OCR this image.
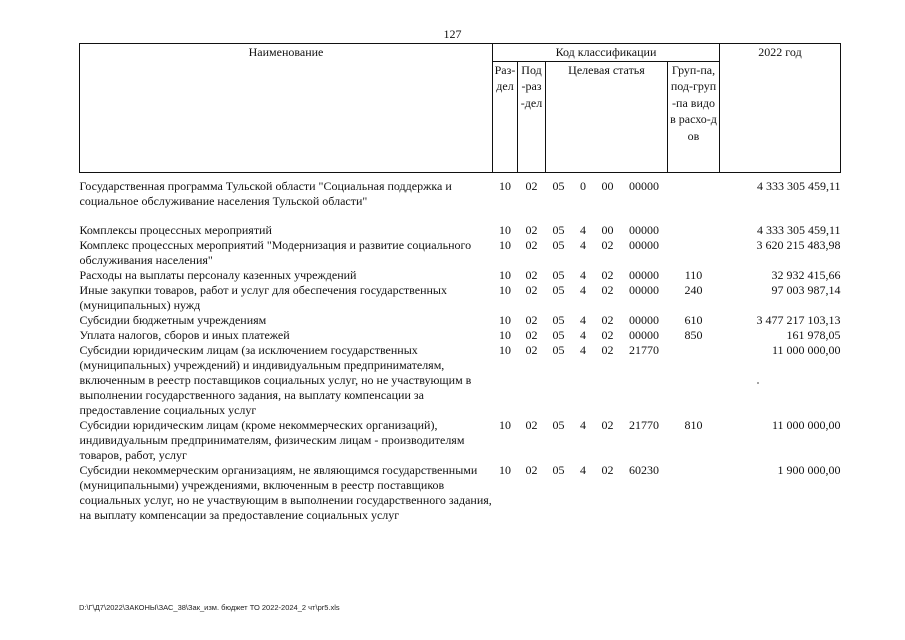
127
Наименование	Код классификации							2022 год

	Раз-дел	Под-раз-дел	Целевая статья				Груп-па, под-груп-па видов расхо-дов	

Государственная программа Тульской области "Социальная поддержка и социальное обслуживание населения Тульской области"	10	02	05	0	00	00000		4 333 305 459,11

Комплексы процессных мероприятий	10	02	05	4	00	00000		4 333 305 459,11
Комплекс процессных мероприятий "Модернизация и развитие социального обслуживания населения"	10	02	05	4	02	00000		3 620 215 483,98
Расходы на выплаты персоналу казенных учреждений	10	02	05	4	02	00000	110	32 932 415,66
Иные закупки товаров, работ и услуг для обеспечения государственных (муниципальных) нужд	10	02	05	4	02	00000	240	97 003 987,14
Субсидии бюджетным учреждениям	10	02	05	4	02	00000	610	3 477 217 103,13
Уплата налогов, сборов и иных платежей	10	02	05	4	02	00000	850	161 978,05
Субсидии юридическим лицам (за исключением государственных (муниципальных) учреждений) и индивидуальным предпринимателям, включенным в реестр поставщиков социальных услуг, но не участвующим в выполнении государственного задания, на выплату компенсации за предоставление социальных услуг	10	02	05	4	02	21770		11 000 000,00
Субсидии юридическим лицам (кроме некоммерческих организаций), индивидуальным предпринимателям, физическим лицам - производителям товаров, работ, услуг	10	02	05	4	02	21770	810	11 000 000,00
Субсидии некоммерческим организациям, не являющимся государственными (муниципальными) учреждениями, включенным в реестр поставщиков социальных услуг, но не участвующим в выполнении государственного задания, на выплату компенсации за предоставление социальных услуг	10	02	05	4	02	60230		1 900 000,00
D:\Г\Д7\2022\ЗАКОНЫ\ЗАС_38\Зак_изм. бюджет ТО 2022-2024_2 чт\pr5.xls
